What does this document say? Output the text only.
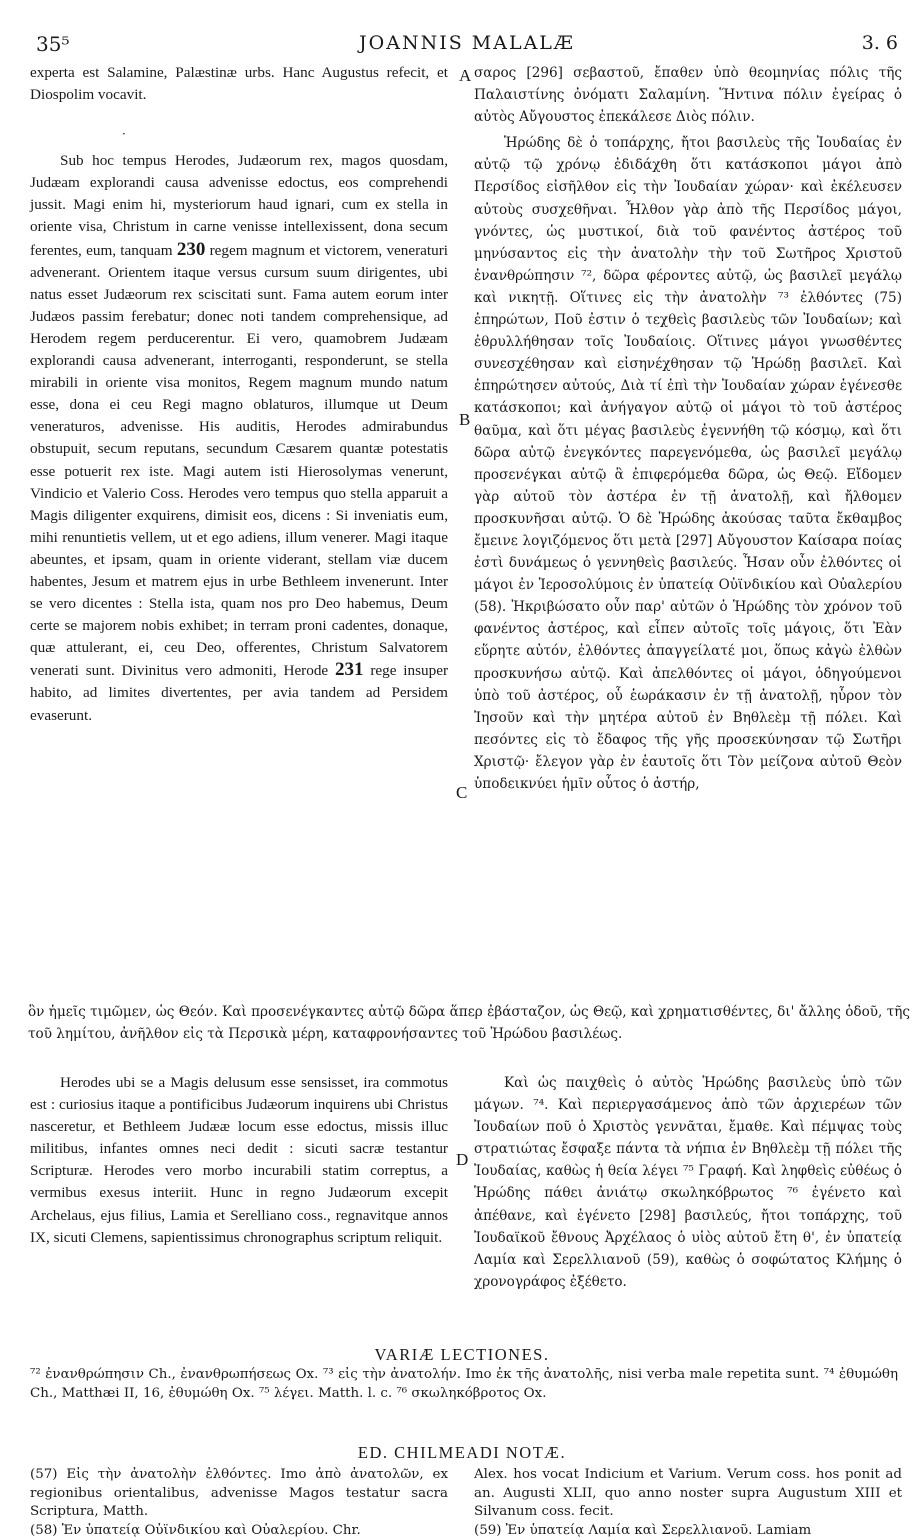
35⁵	JOANNIS MALALÆ	3. 6

experta est Salamine, Palæstinæ urbs. Hanc Augustus refecit, et Diospolim vocavit.

Sub hoc tempus Herodes, Judæorum rex, magos quosdam, Judæam explorandi causa advenisse edoctus, eos comprehendi jussit. Magi enim hi, mysteriorum haud ignari, cum ex stella in oriente visa, Christum in carne venisse intellexissent, dona secum ferentes, eum, tanquam 230 regem magnum et victorem, veneraturi advenerant. Orientem itaque versus cursum suum dirigentes, ubi natus esset Judæorum rex sciscitati sunt. Fama autem eorum inter Judæos passim ferebatur; donec noti tandem comprehensique, ad Herodem regem perducerentur. Ei vero, quamobrem Judæam explorandi causa advenerant, interroganti, responderunt, se stella mirabili in oriente visa monitos, Regem magnum mundo natum esse, dona ei ceu Regi magno oblaturos, illumque ut Deum veneraturos, advenisse. His auditis, Herodes admirabundus obstupuit, secum reputans, secundum Cæsarem quantæ potestatis esse potuerit rex iste. Magi autem isti Hierosolymas venerunt, Vindicio et Valerio Coss. Herodes vero tempus quo stella apparuit a Magis diligenter exquirens, dimisit eos, dicens : Si inveniatis eum, mihi renuntietis vellem, ut et ego adiens, illum venerer. Magi itaque abeuntes, et ipsam, quam in oriente viderant, stellam viæ ducem habentes, Jesum et matrem ejus in urbe Bethleem invenerunt. Inter se vero dicentes : Stella ista, quam nos pro Deo habemus, Deum certe se majorem nobis exhibet; in terram proni cadentes, donaque, quæ attulerant, ei, ceu Deo, offerentes, Christum Salvatorem venerati sunt. Divinitus vero admoniti, Herode 231 rege insuper habito, ad limites divertentes, per avia tandem ad Persidem evaserunt.

·

σαρος [296] σεβαστοῦ, ἔπαθεν ὑπὸ θεομηνίας πόλις τῆς Παλαιστίνης ὀνόματι Σαλαμίνη. Ἥντινα πόλιν ἐγείρας ὁ αὐτὸς Αὔγουστος ἐπεκάλεσε Διὸς πόλιν.

Ἡρώδης δὲ ὁ τοπάρχης, ἤτοι βασιλεὺς τῆς Ἰουδαίας ἐν αὐτῷ τῷ χρόνῳ ἐδιδάχθη ὅτι κατάσκοποι μάγοι ἀπὸ Περσίδος εἰσῆλθον εἰς τὴν Ἰουδαίαν χώραν· καὶ ἐκέλευσεν αὐτοὺς συσχεθῆναι. Ἦλθον γὰρ ἀπὸ τῆς Περσίδος μάγοι, γνόντες, ὡς μυστικοί, διὰ τοῦ φανέντος ἀστέρος τοῦ μηνύσαντος εἰς τὴν ἀνατολὴν τὴν τοῦ Σωτῆρος Χριστοῦ ἐνανθρώπησιν ⁷², δῶρα φέροντες αὐτῷ, ὡς βασιλεῖ μεγάλῳ καὶ νικητῇ. Οἵτινες εἰς τὴν ἀνατολὴν ⁷³ ἐλθόντες (75) ἐπηρώτων, Ποῦ ἐστιν ὁ τεχθεὶς βασιλεὺς τῶν Ἰουδαίων; καὶ ἐθρυλλήθησαν τοῖς Ἰουδαίοις. Οἵτινες μάγοι γνωσθέντες συνεσχέθησαν καὶ εἰσηνέχθησαν τῷ Ἡρώδῃ βασιλεῖ. Καὶ ἐπηρώτησεν αὐτούς, Διὰ τί ἐπὶ τὴν Ἰουδαίαν χώραν ἐγένεσθε κατάσκοποι; καὶ ἀνήγαγον αὐτῷ οἱ μάγοι τὸ τοῦ ἀστέρος θαῦμα, καὶ ὅτι μέγας βασιλεὺς ἐγεννήθη τῷ κόσμῳ, καὶ ὅτι δῶρα αὐτῷ ἐνεγκόντες παρεγενόμεθα, ὡς βασιλεῖ μεγάλῳ προσενέγκαι αὐτῷ ἃ ἐπιφερόμεθα δῶρα, ὡς Θεῷ. Εἴδομεν γὰρ αὐτοῦ τὸν ἀστέρα ἐν τῇ ἀνατολῇ, καὶ ἤλθομεν προσκυνῆσαι αὐτῷ. Ὁ δὲ Ἡρώδης ἀκούσας ταῦτα ἔκθαμβος ἔμεινε λογιζόμενος ὅτι μετὰ [297] Αὔγουστον Καίσαρα ποίας ἐστὶ δυνάμεως ὁ γεννηθεὶς βασιλεύς. Ἦσαν οὖν ἐλθόντες οἱ μάγοι ἐν Ἱεροσολύμοις ἐν ὑπατείᾳ Οὐϊνδικίου καὶ Οὐαλερίου (58). Ἠκριβώσατο οὖν παρ' αὐτῶν ὁ Ἡρώδης τὸν χρόνον τοῦ φανέντος ἀστέρος, καὶ εἶπεν αὐτοῖς τοῖς μάγοις, ὅτι Ἐὰν εὕρητε αὐτόν, ἐλθόντες ἀπαγγείλατέ μοι, ὅπως κἀγὼ ἐλθὼν προσκυνήσω αὐτῷ. Καὶ ἀπελθόντες οἱ μάγοι, ὁδηγούμενοι ὑπὸ τοῦ ἀστέρος, οὗ ἑωράκασιν ἐν τῇ ἀνατολῇ, ηὗρον τὸν Ἰησοῦν καὶ τὴν μητέρα αὐτοῦ ἐν Βηθλεὲμ τῇ πόλει. Καὶ πεσόντες εἰς τὸ ἔδαφος τῆς γῆς προσεκύνησαν τῷ Σωτῆρι Χριστῷ· ἔλεγον γὰρ ἐν ἑαυτοῖς ὅτι Τὸν μείζονα αὐτοῦ Θεὸν ὑποδεικνύει ἡμῖν οὗτος ὁ ἀστήρ,

A
B
C
D
ὃν ἡμεῖς τιμῶμεν, ὡς Θεόν. Καὶ προσενέγκαντες αὐτῷ δῶρα ἅπερ ἐβάσταζον, ὡς Θεῷ, καὶ χρηματισθέντες, δι' ἄλλης ὁδοῦ, τῆς τοῦ λημίτου, ἀνῆλθον εἰς τὰ Περσικὰ μέρη, καταφρονήσαντες τοῦ Ἡρώδου βασιλέως.

Herodes ubi se a Magis delusum esse sensisset, ira commotus est : curiosius itaque a pontificibus Judæorum inquirens ubi Christus nasceretur, et Bethleem Judææ locum esse edoctus, missis illuc militibus, infantes omnes neci dedit : sicuti sacræ testantur Scripturæ. Herodes vero morbo incurabili statim correptus, a vermibus exesus interiit. Hunc in regno Judæorum excepit Archelaus, ejus filius, Lamia et Serelliano coss., regnavitque annos IX, sicuti Clemens, sapientissimus chronographus scriptum reliquit.

Καὶ ὡς παιχθεὶς ὁ αὐτὸς Ἡρώδης βασιλεὺς ὑπὸ τῶν μάγων. ⁷⁴. Καὶ περιεργασάμενος ἀπὸ τῶν ἀρχιερέων τῶν Ἰουδαίων ποῦ ὁ Χριστὸς γεννᾶται, ἔμαθε. Καὶ πέμψας τοὺς στρατιώτας ἔσφαξε πάντα τὰ νήπια ἐν Βηθλεὲμ τῇ πόλει τῆς Ἰουδαίας, καθὼς ἡ θεία λέγει ⁷⁵ Γραφή. Καὶ ληφθεὶς εὐθέως ὁ Ἡρώδης πάθει ἀνιάτῳ σκωληκόβρωτος ⁷⁶ ἐγένετο καὶ ἀπέθανε, καὶ ἐγένετο [298] βασιλεύς, ἤτοι τοπάρχης, τοῦ Ἰουδαϊκοῦ ἔθνους Ἀρχέλαος ὁ υἱὸς αὐτοῦ ἔτη θ', ἐν ὑπατείᾳ Λαμία καὶ Σερελλιανοῦ (59), καθὼς ὁ σοφώτατος Κλήμης ὁ χρονογράφος ἐξέθετο.

VARIÆ LECTIONES.
⁷² ἐνανθρώπησιν Ch., ἐνανθρωπήσεως Ox. ⁷³ εἰς τὴν ἀνατολήν. Imo ἐκ τῆς ἀνατολῆς, nisi verba male repetita sunt. ⁷⁴ ἐθυμώθη Ch., Matthæi II, 16, ἐθυμώθη Ox. ⁷⁵ λέγει. Matth. l. c. ⁷⁶ σκωληκόβροτος Ox.
ED. CHILMEADI NOTÆ.
(57) Εἰς τὴν ἀνατολὴν ἐλθόντες. Imo ἀπὸ ἀνατολῶν, ex regionibus orientalibus, advenisse Magos testatur sacra Scriptura, Matth.
(58) Ἐν ὑπατείᾳ Οὐϊνδικίου καὶ Οὐαλερίου. Chr.
Alex. hos vocat Indicium et Varium. Verum coss. hos ponit ad an. Augusti XLII, quo anno noster supra Augustum XIII et Silvanum coss. fecit.
(59) Ἐν ὑπατείᾳ Λαμία καὶ Σερελλιανοῦ. Lamiam
